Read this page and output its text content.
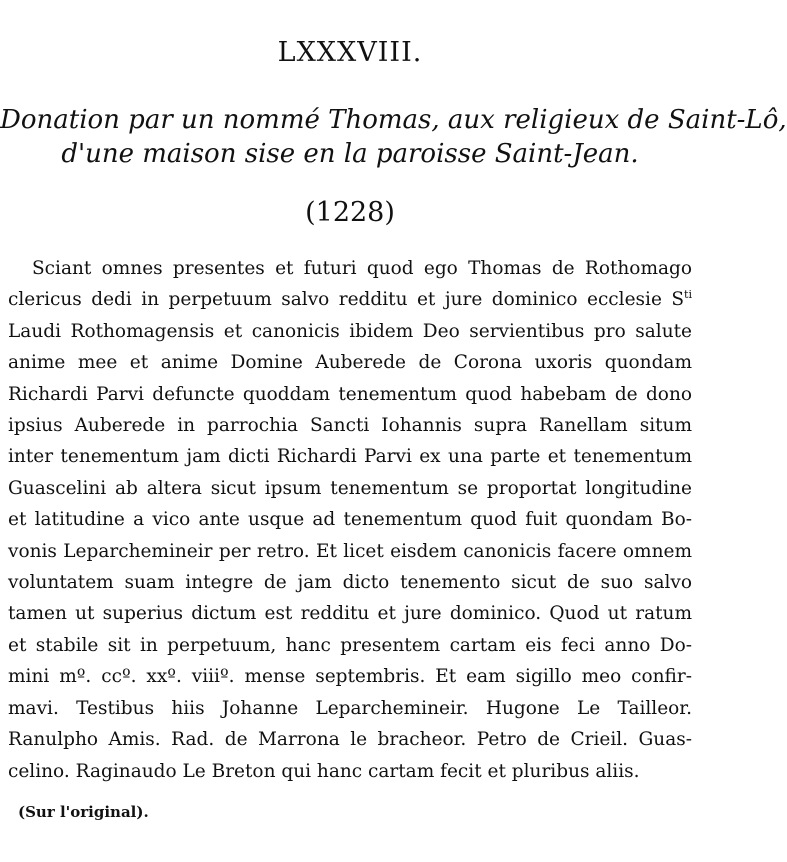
LXXXVIII.
Donation par un nommé Thomas, aux religieux de Saint-Lô,
d'une maison sise en la paroisse Saint-Jean.
(1228)
Sciant omnes presentes et futuri quod ego Thomas de Rothomago
clericus dedi in perpetuum salvo redditu et jure dominico ecclesie $S^{ti}$
Laudi Rothomagensis et canonicis ibidem Deo servientibus pro salute
anime mee et anime Domine Auberede de Corona uxoris quondam
Richardi Parvi defuncte quoddam tenementum quod habebam de dono
ipsius Auberede in parrochia Sancti Iohannis supra Ranellam situm
inter tenementum jam dicti Richardi Parvi ex una parte et tenementum
Guascelini ab altera sicut ipsum tenementum se proportat longitudine
et latitudine a vico ante usque ad tenementum quod fuit quondam Bo-
vonis Leparchemineir per retro. Et licet eisdem canonicis facere omnem
voluntatem suam integre de jam dicto tenemento sicut de suo salvo
tamen ut superius dictum est redditu et jure dominico. Quod ut ratum
et stabile sit in perpetuum, hanc presentem cartam eis feci anno Do-
mini mº. ccº. xxº. viiiº. mense septembris. Et eam sigillo meo confir-
mavi. Testibus hiis Johanne Leparchemineir. Hugone Le Tailleor.
Ranulpho Amis. Rad. de Marrona le bracheor. Petro de Crieil. Guas-
celino. Raginaudo Le Breton qui hanc cartam fecit et pluribus aliis.
(Sur l'original).
